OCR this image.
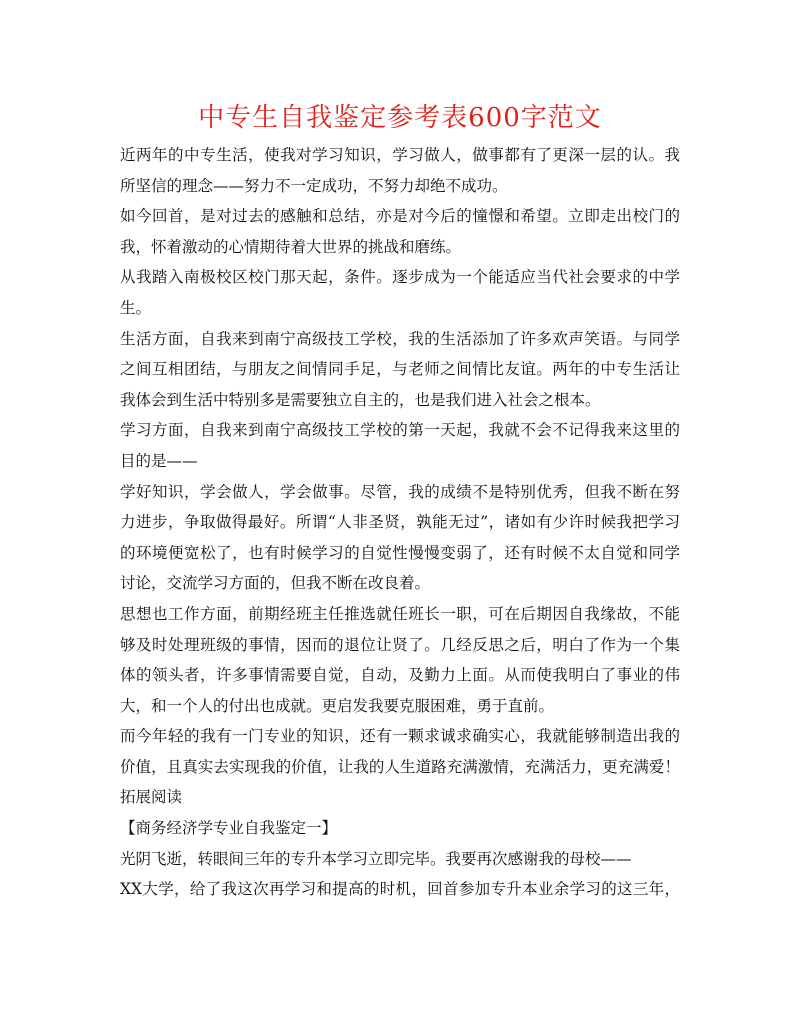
中专生自我鉴定参考表600字范文
近两年的中专生活，使我对学习知识，学习做人，做事都有了更深一层的认。我
所坚信的理念——努力不一定成功，不努力却绝不成功。
如今回首，是对过去的感触和总结，亦是对今后的憧憬和希望。立即走出校门的
我，怀着激动的心情期待着大世界的挑战和磨练。
从我踏入南极校区校门那天起，条件。逐步成为一个能适应当代社会要求的中学
生。
生活方面，自我来到南宁高级技工学校，我的生活添加了许多欢声笑语。与同学
之间互相团结，与朋友之间情同手足，与老师之间情比友谊。两年的中专生活让
我体会到生活中特别多是需要独立自主的，也是我们进入社会之根本。
学习方面，自我来到南宁高级技工学校的第一天起，我就不会不记得我来这里的
目的是——
学好知识，学会做人，学会做事。尽管，我的成绩不是特别优秀，但我不断在努
力进步，争取做得最好。所谓“人非圣贤，孰能无过”，诸如有少许时候我把学习
的环境便宽松了，也有时候学习的自觉性慢慢变弱了，还有时候不太自觉和同学
讨论，交流学习方面的，但我不断在改良着。
思想也工作方面，前期经班主任推选就任班长一职，可在后期因自我缘故，不能
够及时处理班级的事情，因而的退位让贤了。几经反思之后，明白了作为一个集
体的领头者，许多事情需要自觉，自动，及勤力上面。从而使我明白了事业的伟
大，和一个人的付出也成就。更启发我要克服困难，勇于直前。
而今年轻的我有一门专业的知识，还有一颗求诚求确实心，我就能够制造出我的
价值，且真实去实现我的价值，让我的人生道路充满激情，充满活力，更充满爱！
拓展阅读
【商务经济学专业自我鉴定一】
光阴飞逝，转眼间三年的专升本学习立即完毕。我要再次感谢我的母校——
XX大学，给了我这次再学习和提高的时机，回首参加专升本业余学习的这三年，
